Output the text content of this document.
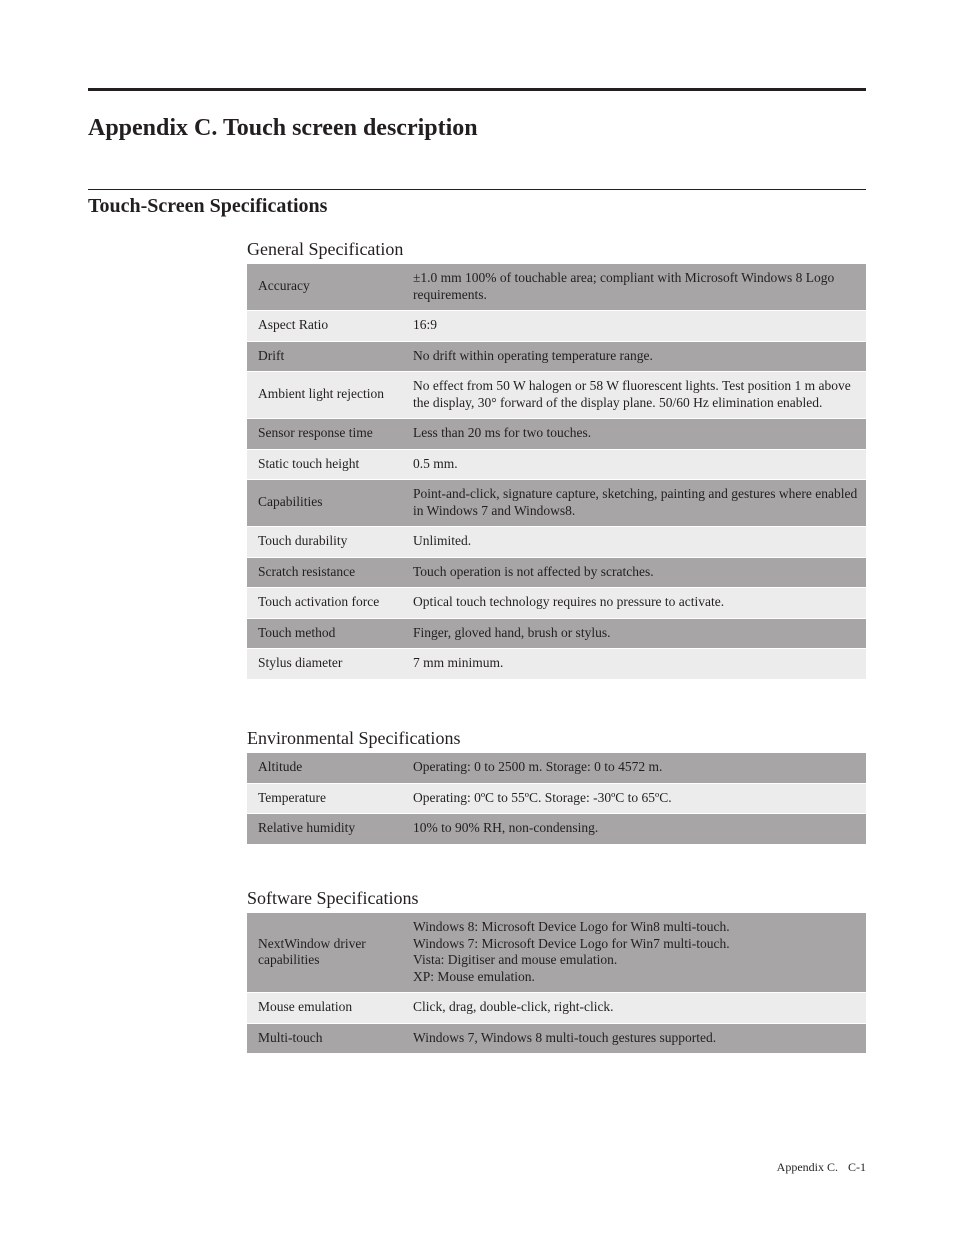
Appendix C. Touch screen description
Touch-Screen Specifications
General Specification
Accuracy	±1.0 mm 100% of touchable area; compliant with Microsoft Windows 8 Logo requirements.
Aspect Ratio	16:9
Drift	No drift within operating temperature range.
Ambient light rejection	No effect from 50 W halogen or 58 W fluorescent lights. Test position 1 m above the display, 30° forward of the display plane. 50/60 Hz elimination enabled.
Sensor response time	Less than 20 ms for two touches.
Static touch height	0.5 mm.
Capabilities	Point-and-click, signature capture, sketching, painting and gestures where enabled in Windows 7 and Windows8.
Touch durability	Unlimited.
Scratch resistance	Touch operation is not affected by scratches.
Touch activation force	Optical touch technology requires no pressure to activate.
Touch method	Finger, gloved hand, brush or stylus.
Stylus diameter	7 mm minimum.
Environmental Specifications
Altitude	Operating: 0 to 2500 m. Storage: 0 to 4572 m.
Temperature	Operating: 0ºC to 55ºC. Storage: -30ºC to 65ºC.
Relative humidity	10% to 90% RH, non-condensing.
Software Specifications
NextWindow driver capabilities	Windows 8: Microsoft Device Logo for Win8 multi-touch.
Windows 7: Microsoft Device Logo for Win7 multi-touch.
Vista: Digitiser and mouse emulation.
XP: Mouse emulation.
Mouse emulation	Click, drag, double-click, right-click.
Multi-touch	Windows 7, Windows 8 multi-touch gestures supported.
Appendix C. C-1
